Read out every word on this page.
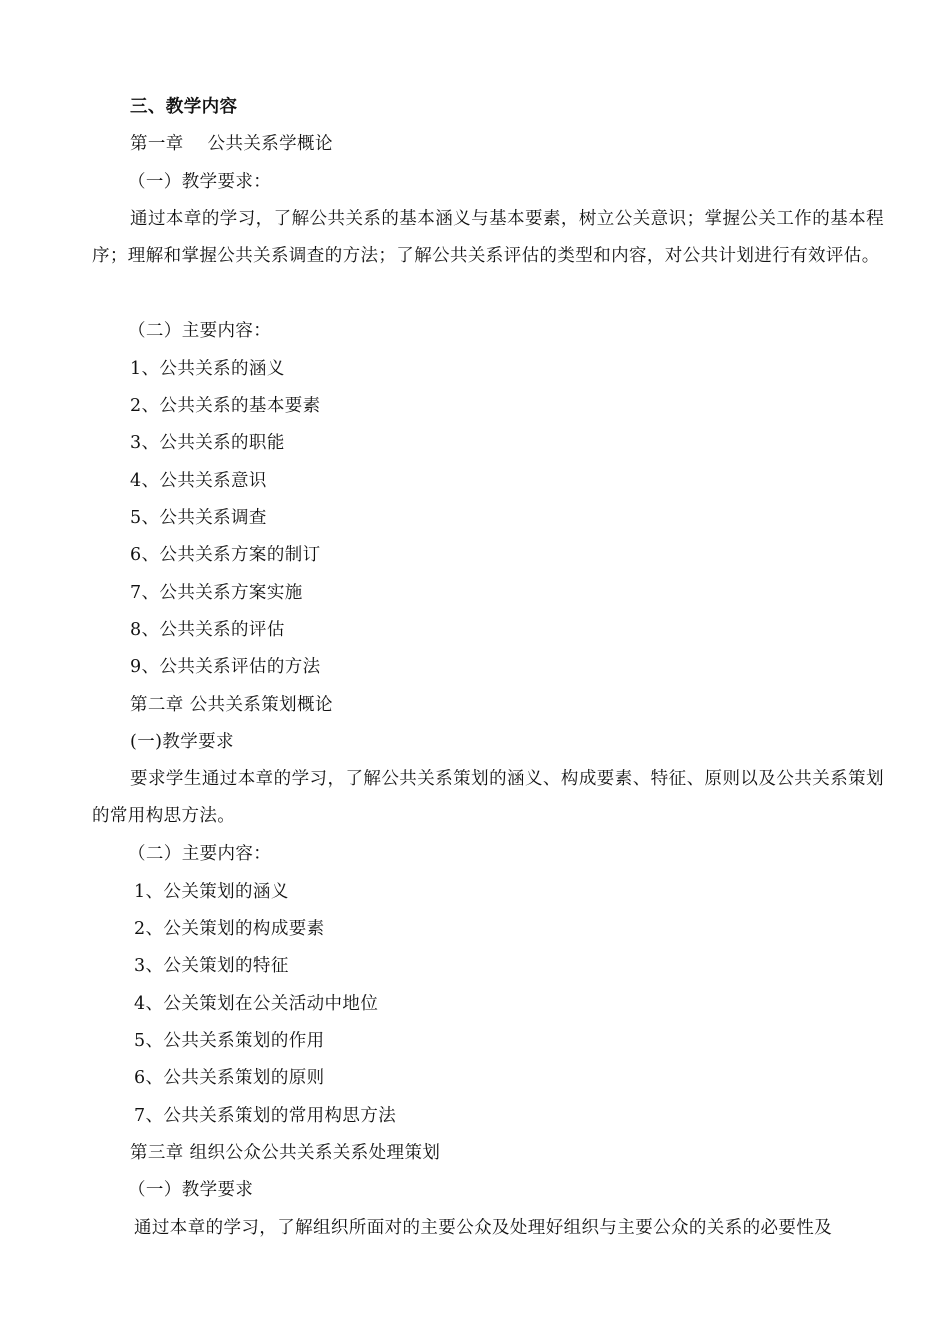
三、教学内容
第一章　 公共关系学概论
（一）教学要求：
通过本章的学习，了解公共关系的基本涵义与基本要素，树立公关意识；掌握公关工作的基本程序；理解和掌握公共关系调查的方法；了解公共关系评估的类型和内容，对公共计划进行有效评估。
（二）主要内容：
1、公共关系的涵义
2、公共关系的基本要素
3、公共关系的职能
4、公共关系意识
5、公共关系调查
6、公共关系方案的制订
7、公共关系方案实施
8、公共关系的评估
9、公共关系评估的方法
第二章 公共关系策划概论
(一)教学要求
要求学生通过本章的学习，了解公共关系策划的涵义、构成要素、特征、原则以及公共关系策划的常用构思方法。
（二）主要内容：
1、公关策划的涵义
2、公关策划的构成要素
3、公关策划的特征
4、公关策划在公关活动中地位
5、公共关系策划的作用
6、公共关系策划的原则
7、公共关系策划的常用构思方法
第三章 组织公众公共关系关系处理策划
（一）教学要求
通过本章的学习，了解组织所面对的主要公众及处理好组织与主要公众的关系的必要性及
